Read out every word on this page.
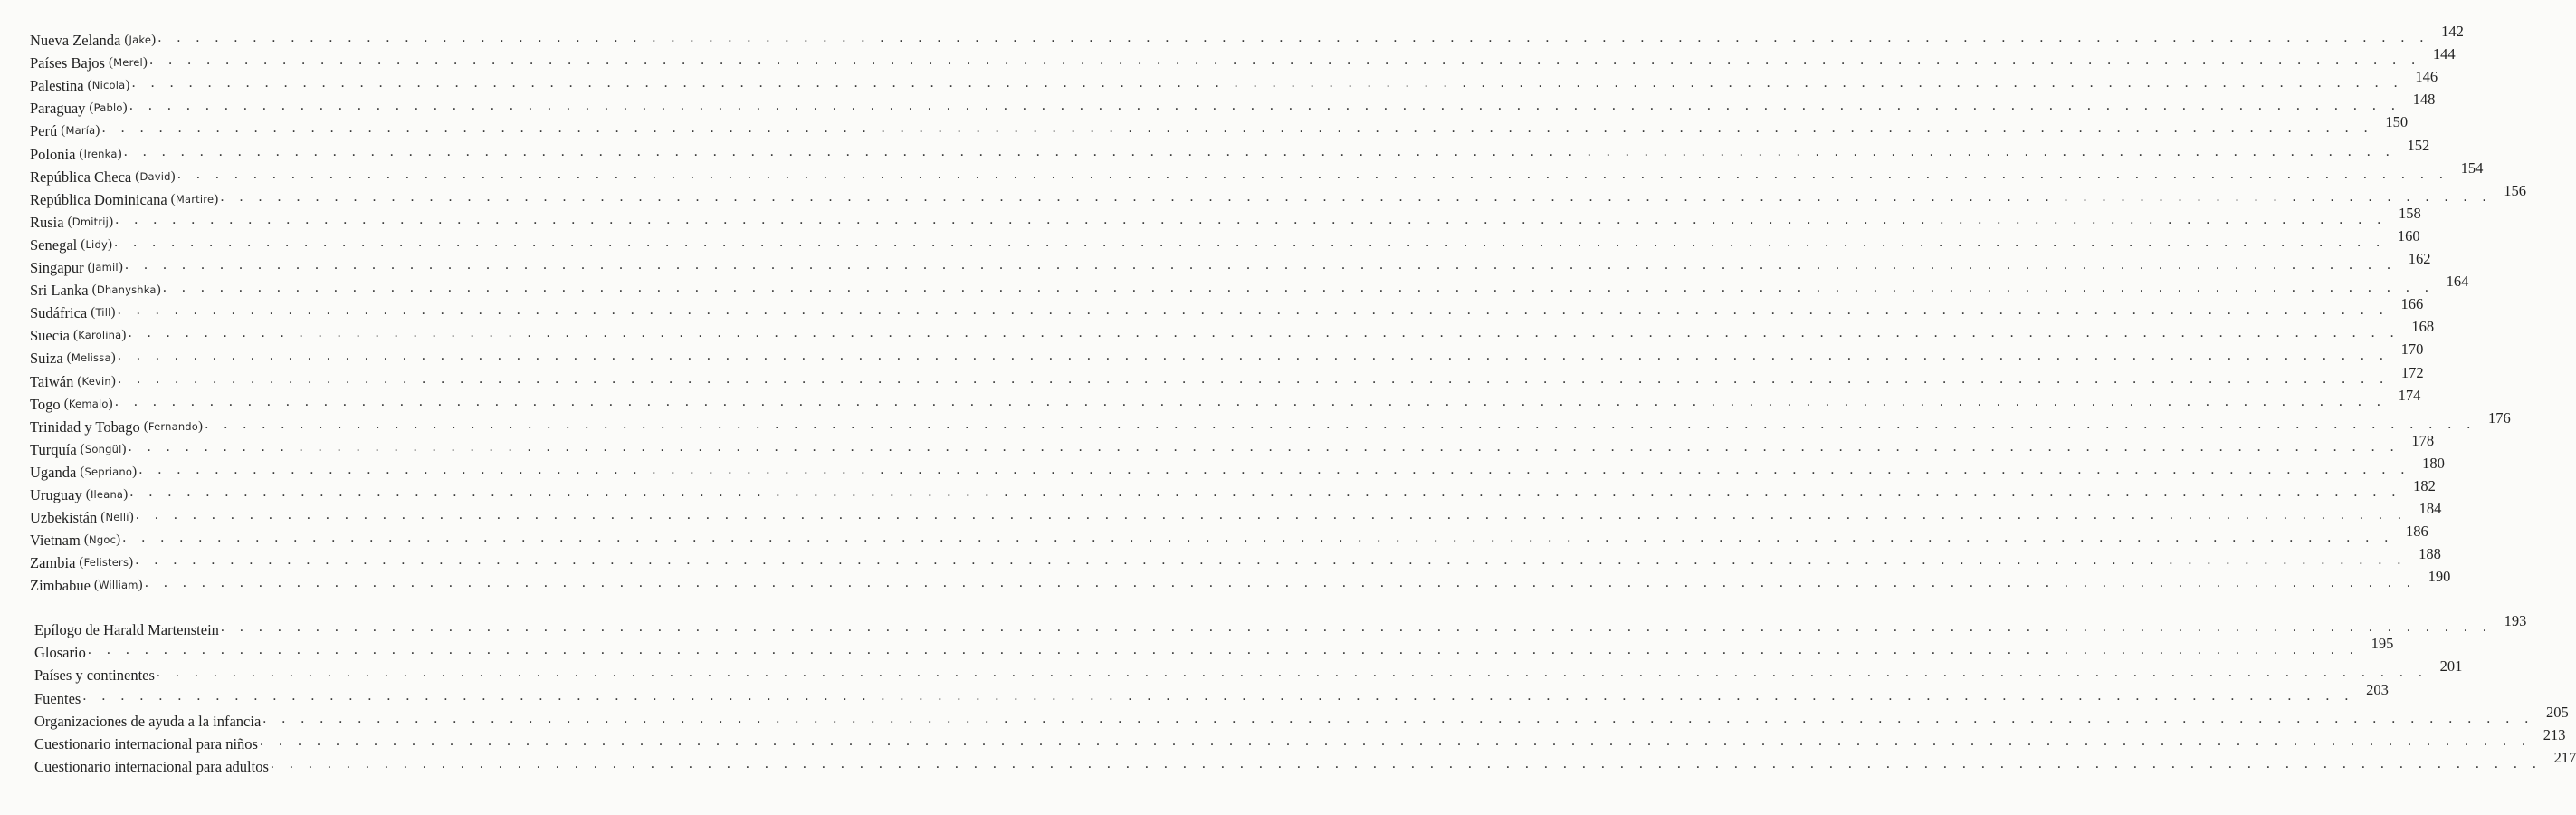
Nueva Zelanda (Jake) . . . . . . . . . . . . . . . . . . . . . . . . . . . . . . . . . . . . . . . . . . . . . . . . . . . . . . . . . . . . . . . . . . . . . . . . . . . . . . . . . . . . . . . . . . . . . . . . . . . . . . . . . . . . . . . . . . . . . . . . 142
Países Bajos (Merel) . . . . . . . . . . . . . . . . . . . . . . . . . . . . . . . . . . . . . . . . . . . . . . . . . . . . . . . . . . . . . . . . . . . . . . . . . . . . . . . . . . . . . . . . . . . . . . . . . . . . . . . . . . . . . . . . . . . . . . . . 144
Palestina (Nicola) . . . . . . . . . . . . . . . . . . . . . . . . . . . . . . . . . . . . . . . . . . . . . . . . . . . . . . . . . . . . . . . . . . . . . . . . . . . . . . . . . . . . . . . . . . . . . . . . . . . . . . . . . . . . . . . . . . . . . . . . 146
Paraguay (Pablo) . . . . . . . . . . . . . . . . . . . . . . . . . . . . . . . . . . . . . . . . . . . . . . . . . . . . . . . . . . . . . . . . . . . . . . . . . . . . . . . . . . . . . . . . . . . . . . . . . . . . . . . . . . . . . . . . . . . . . . . . 148
Perú (María) . . . . . . . . . . . . . . . . . . . . . . . . . . . . . . . . . . . . . . . . . . . . . . . . . . . . . . . . . . . . . . . . . . . . . . . . . . . . . . . . . . . . . . . . . . . . . . . . . . . . . . . . . . . . . . . . . . . . . . . . 150
Polonia (Irenka) . . . . . . . . . . . . . . . . . . . . . . . . . . . . . . . . . . . . . . . . . . . . . . . . . . . . . . . . . . . . . . . . . . . . . . . . . . . . . . . . . . . . . . . . . . . . . . . . . . . . . . . . . . . . . . . . . . . . . . . . 152
República Checa (David) . . . . . . . . . . . . . . . . . . . . . . . . . . . . . . . . . . . . . . . . . . . . . . . . . . . . . . . . . . . . . . . . . . . . . . . . . . . . . . . . . . . . . . . . . . . . . . . . . . . . . . . . . . . . . . . . . . . . . . . . 154
República Dominicana (Martire) . . . . . . . . . . . . . . . . . . . . . . . . . . . . . . . . . . . . . . . . . . . . . . . . . . . . . . . . . . . . . . . . . . . . . . . . . . . . . . . . . . . . . . . . . . . . . . . . . . . . . . . . . . . . . . . . . . . . . . . . 156
Rusia (Dmitrij) . . . . . . . . . . . . . . . . . . . . . . . . . . . . . . . . . . . . . . . . . . . . . . . . . . . . . . . . . . . . . . . . . . . . . . . . . . . . . . . . . . . . . . . . . . . . . . . . . . . . . . . . . . . . . . . . . . . . . . . . 158
Senegal (Lidy) . . . . . . . . . . . . . . . . . . . . . . . . . . . . . . . . . . . . . . . . . . . . . . . . . . . . . . . . . . . . . . . . . . . . . . . . . . . . . . . . . . . . . . . . . . . . . . . . . . . . . . . . . . . . . . . . . . . . . . . . 160
Singapur (Jamil) . . . . . . . . . . . . . . . . . . . . . . . . . . . . . . . . . . . . . . . . . . . . . . . . . . . . . . . . . . . . . . . . . . . . . . . . . . . . . . . . . . . . . . . . . . . . . . . . . . . . . . . . . . . . . . . . . . . . . . . . 162
Sri Lanka (Dhanyshka) . . . . . . . . . . . . . . . . . . . . . . . . . . . . . . . . . . . . . . . . . . . . . . . . . . . . . . . . . . . . . . . . . . . . . . . . . . . . . . . . . . . . . . . . . . . . . . . . . . . . . . . . . . . . . . . . . . . . . . . . 164
Sudáfrica (Till) . . . . . . . . . . . . . . . . . . . . . . . . . . . . . . . . . . . . . . . . . . . . . . . . . . . . . . . . . . . . . . . . . . . . . . . . . . . . . . . . . . . . . . . . . . . . . . . . . . . . . . . . . . . . . . . . . . . . . . . . 166
Suecia (Karolina) . . . . . . . . . . . . . . . . . . . . . . . . . . . . . . . . . . . . . . . . . . . . . . . . . . . . . . . . . . . . . . . . . . . . . . . . . . . . . . . . . . . . . . . . . . . . . . . . . . . . . . . . . . . . . . . . . . . . . . . . 168
Suiza (Melissa) . . . . . . . . . . . . . . . . . . . . . . . . . . . . . . . . . . . . . . . . . . . . . . . . . . . . . . . . . . . . . . . . . . . . . . . . . . . . . . . . . . . . . . . . . . . . . . . . . . . . . . . . . . . . . . . . . . . . . . . . 170
Taiwán (Kevin) . . . . . . . . . . . . . . . . . . . . . . . . . . . . . . . . . . . . . . . . . . . . . . . . . . . . . . . . . . . . . . . . . . . . . . . . . . . . . . . . . . . . . . . . . . . . . . . . . . . . . . . . . . . . . . . . . . . . . . . . 172
Togo (Kemalo) . . . . . . . . . . . . . . . . . . . . . . . . . . . . . . . . . . . . . . . . . . . . . . . . . . . . . . . . . . . . . . . . . . . . . . . . . . . . . . . . . . . . . . . . . . . . . . . . . . . . . . . . . . . . . . . . . . . . . . . . 174
Trinidad y Tobago (Fernando) . . . . . . . . . . . . . . . . . . . . . . . . . . . . . . . . . . . . . . . . . . . . . . . . . . . . . . . . . . . . . . . . . . . . . . . . . . . . . . . . . . . . . . . . . . . . . . . . . . . . . . . . . . . . . . . . . . . . . . . . 176
Turquía (Songül) . . . . . . . . . . . . . . . . . . . . . . . . . . . . . . . . . . . . . . . . . . . . . . . . . . . . . . . . . . . . . . . . . . . . . . . . . . . . . . . . . . . . . . . . . . . . . . . . . . . . . . . . . . . . . . . . . . . . . . . . 178
Uganda (Sepriano) . . . . . . . . . . . . . . . . . . . . . . . . . . . . . . . . . . . . . . . . . . . . . . . . . . . . . . . . . . . . . . . . . . . . . . . . . . . . . . . . . . . . . . . . . . . . . . . . . . . . . . . . . . . . . . . . . . . . . . . . 180
Uruguay (Ileana) . . . . . . . . . . . . . . . . . . . . . . . . . . . . . . . . . . . . . . . . . . . . . . . . . . . . . . . . . . . . . . . . . . . . . . . . . . . . . . . . . . . . . . . . . . . . . . . . . . . . . . . . . . . . . . . . . . . . . . . . 182
Uzbekistán (Nelli) . . . . . . . . . . . . . . . . . . . . . . . . . . . . . . . . . . . . . . . . . . . . . . . . . . . . . . . . . . . . . . . . . . . . . . . . . . . . . . . . . . . . . . . . . . . . . . . . . . . . . . . . . . . . . . . . . . . . . . . . 184
Vietnam (Ngoc) . . . . . . . . . . . . . . . . . . . . . . . . . . . . . . . . . . . . . . . . . . . . . . . . . . . . . . . . . . . . . . . . . . . . . . . . . . . . . . . . . . . . . . . . . . . . . . . . . . . . . . . . . . . . . . . . . . . . . . . . 186
Zambia (Felisters) . . . . . . . . . . . . . . . . . . . . . . . . . . . . . . . . . . . . . . . . . . . . . . . . . . . . . . . . . . . . . . . . . . . . . . . . . . . . . . . . . . . . . . . . . . . . . . . . . . . . . . . . . . . . . . . . . . . . . . . . 188
Zimbabue (William) . . . . . . . . . . . . . . . . . . . . . . . . . . . . . . . . . . . . . . . . . . . . . . . . . . . . . . . . . . . . . . . . . . . . . . . . . . . . . . . . . . . . . . . . . . . . . . . . . . . . . . . . . . . . . . . . . . . . . . . . 190
Epílogo de Harald Martenstein . . . . . . . . . . . . . . . . . . . . . . . . . . . . . . . . . . . . . . . . . . . . . . . . . . . . . . . . . . . . . . . . . . . . . . . . . . . . . . . . . . . . . . . . . . . . . . . . . . . . . . . . . . . . . . . . . . . . . . . . 193
Glosario . . . . . . . . . . . . . . . . . . . . . . . . . . . . . . . . . . . . . . . . . . . . . . . . . . . . . . . . . . . . . . . . . . . . . . . . . . . . . . . . . . . . . . . . . . . . . . . . . . . . . . . . . . . . . . . . . . . . . . . . 195
Países y continentes . . . . . . . . . . . . . . . . . . . . . . . . . . . . . . . . . . . . . . . . . . . . . . . . . . . . . . . . . . . . . . . . . . . . . . . . . . . . . . . . . . . . . . . . . . . . . . . . . . . . . . . . . . . . . . . . . . . . . . . . 201
Fuentes . . . . . . . . . . . . . . . . . . . . . . . . . . . . . . . . . . . . . . . . . . . . . . . . . . . . . . . . . . . . . . . . . . . . . . . . . . . . . . . . . . . . . . . . . . . . . . . . . . . . . . . . . . . . . . . . . . . . . . . . 203
Organizaciones de ayuda a la infancia . . . . . . . . . . . . . . . . . . . . . . . . . . . . . . . . . . . . . . . . . . . . . . . . . . . . . . . . . . . . . . . . . . . . . . . . . . . . . . . . . . . . . . . . . . . . . . . . . . . . . . . . . . . . . . . . . . . . . . . . 205
Cuestionario internacional para niños . . . . . . . . . . . . . . . . . . . . . . . . . . . . . . . . . . . . . . . . . . . . . . . . . . . . . . . . . . . . . . . . . . . . . . . . . . . . . . . . . . . . . . . . . . . . . . . . . . . . . . . . . . . . . . . . . . . . . . . . 213
Cuestionario internacional para adultos . . . . . . . . . . . . . . . . . . . . . . . . . . . . . . . . . . . . . . . . . . . . . . . . . . . . . . . . . . . . . . . . . . . . . . . . . . . . . . . . . . . . . . . . . . . . . . . . . . . . . . . . . . . . . . . . . . . . . . . . 217
